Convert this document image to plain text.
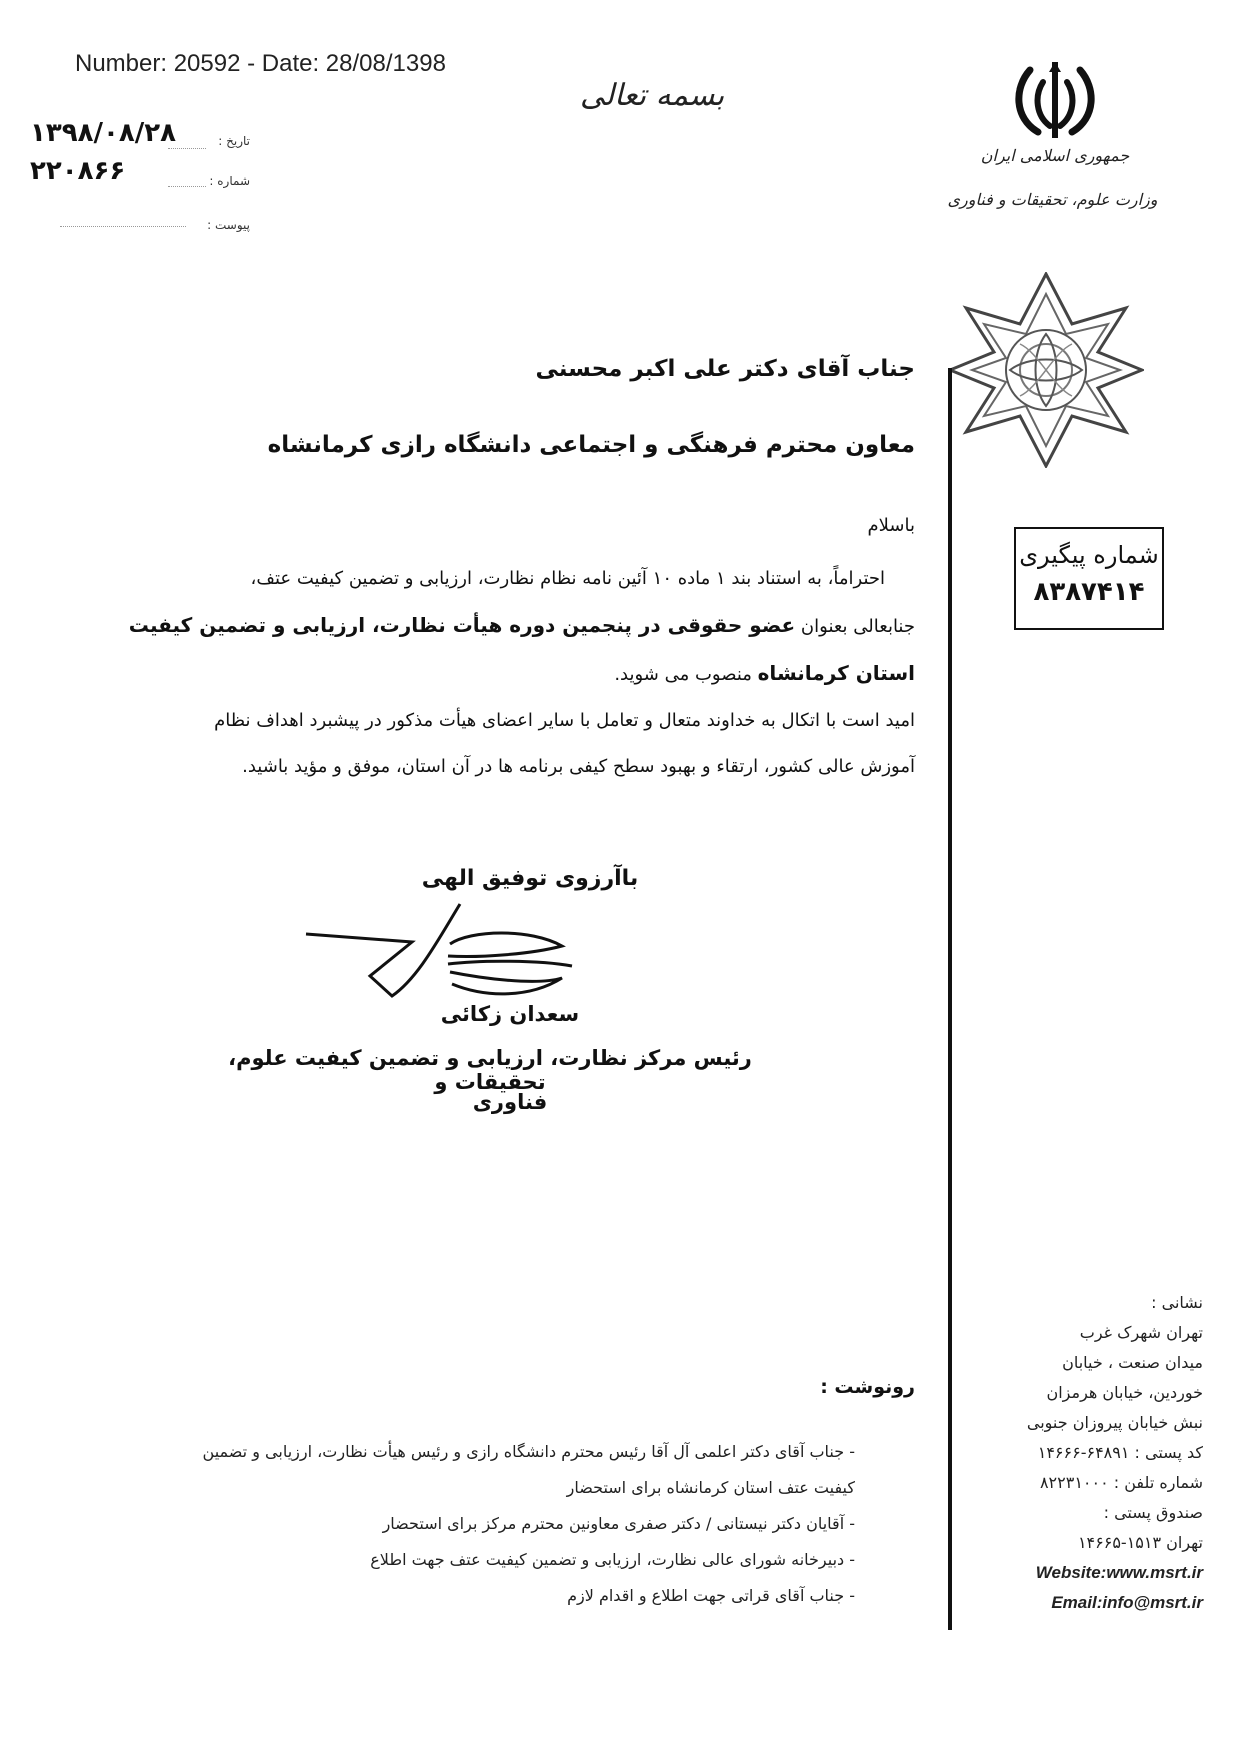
Number: 20592 - Date: 28/08/1398
بسمه تعالی
تاریخ :
۱۳۹۸/۰۸/۲۸
شماره :
۲۲۰۸۶۶
پیوست :
جمهوری اسلامی ایران
وزارت علوم، تحقیقات و فناوری
شماره پیگیری
۸۳۸۷۴۱۴
جناب آقای دکتر علی اکبر محسنی
معاون محترم فرهنگی و اجتماعی دانشگاه رازی کرمانشاه
باسلام
احتراماً، به استناد بند ۱ ماده ۱۰ آئین نامه نظام نظارت، ارزیابی و تضمین کیفیت عتف،
جنابعالی بعنوان عضو حقوقی در پنجمین دوره هیأت نظارت، ارزیابی و تضمین کیفیت
استان کرمانشاه منصوب می شوید.
امید است با اتکال به خداوند متعال و تعامل با سایر اعضای هیأت مذکور در پیشبرد اهداف نظام
آموزش عالی کشور، ارتقاء و بهبود سطح کیفی برنامه ها در آن استان، موفق و مؤید باشید.
باآرزوی توفیق الهی
سعدان زکائی
رئیس مرکز نظارت، ارزیابی و تضمین کیفیت علوم، تحقیقات و
فناوری
نشانی :
تهران شهرک غرب
میدان صنعت ، خیابان
خوردین، خیابان هرمزان
نبش خیابان پیروزان جنوبی
کد پستی : ۶۴۸۹۱-۱۴۶۶۶
شماره تلفن : ۸۲۲۳۱۰۰۰
صندوق پستی :
تهران ۱۵۱۳-۱۴۶۶۵
Website:www.msrt.ir
Email:info@msrt.ir
رونوشت :
- جناب آقای دکتر اعلمی آل آقا رئیس محترم دانشگاه رازی و رئیس هیأت نظارت، ارزیابی و تضمین
کیفیت عتف استان کرمانشاه برای استحضار
- آقایان دکتر نیستانی / دکتر صفری معاونین محترم مرکز برای استحضار
- دبیرخانه شورای عالی نظارت، ارزیابی و تضمین کیفیت عتف جهت اطلاع
- جناب آقای قراتی جهت اطلاع و اقدام لازم
